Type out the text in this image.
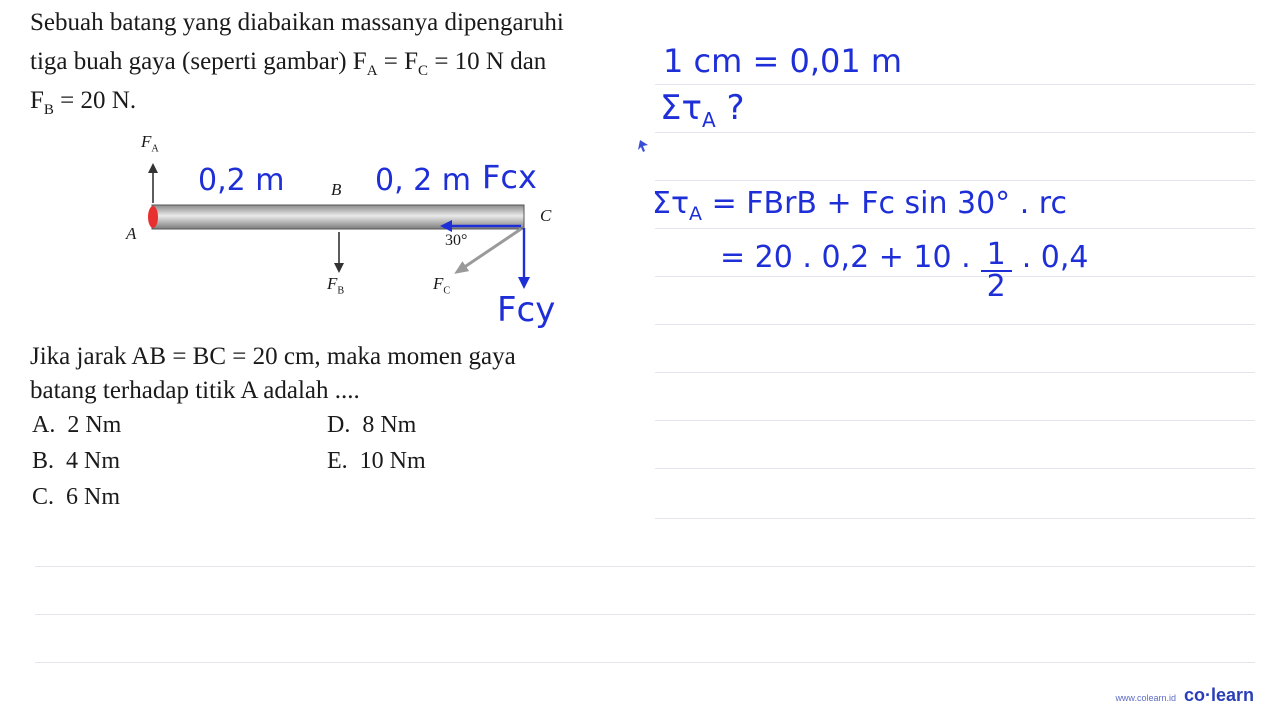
Sebuah batang yang diabaikan massanya dipengaruhi
tiga buah gaya (seperti gambar) $F_A = F_C = 10$ N dan
$F_B = 20$ N.
$F_A$
A
B
C
$F_B$	$F_C$
30°
0,2 m	0, 2 m Fcx
Fcy
Jika jarak AB = BC = 20 cm, maka momen gaya
batang terhadap titik A adalah ....
A. 2 Nm
B. 4 Nm
C. 6 Nm
D. 8 Nm
E. 10 Nm
1 cm = 0,01 m
$\Sigma\tau_A$ ?
$\Sigma\tau_A$ = FBrB + Fc sin 30° . rc
= 20 . 0,2 + 10 . $\frac{1}{2}$ . 0,4
www.colearn.id co·learn
